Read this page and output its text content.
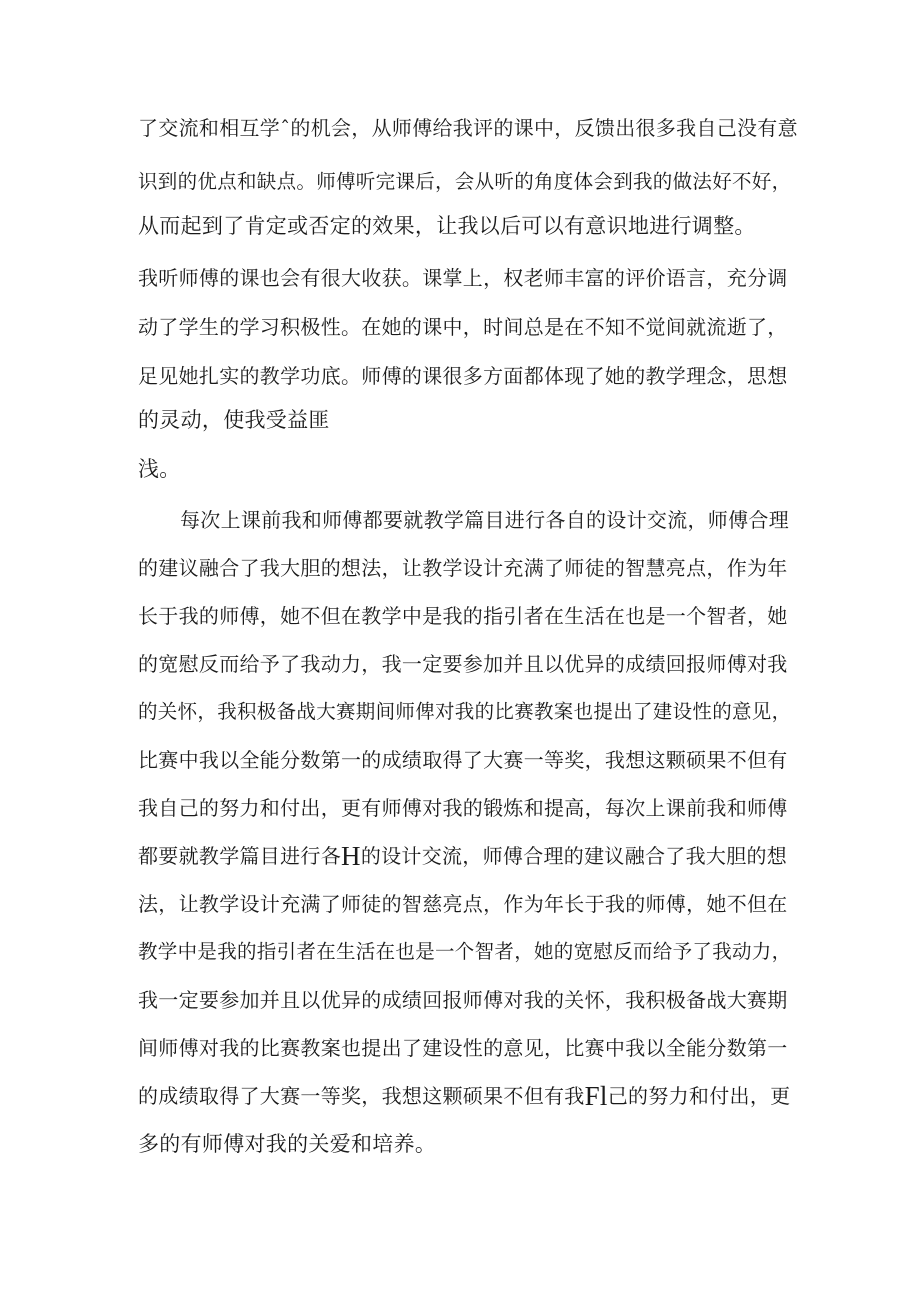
了交流和相互学ˆ的机会，从师傅给我评的课中，反馈出很多我自己没有意

识到的优点和缺点。师傅听完课后，会从听的角度体会到我的做法好不好，

从而起到了肯定或否定的效果，让我以后可以有意识地进行调整。

我听师傅的课也会有很大收获。课掌上，权老师丰富的评价语言，充分调

动了学生的学习积极性。在她的课中，时间总是在不知不觉间就流逝了，

足见她扎实的教学功底。师傅的课很多方面都体现了她的教学理念，思想

的灵动，使我受益匪

浅。

每次上课前我和师傅都要就教学篇目进行各自的设计交流，师傅合理

的建议融合了我大胆的想法，让教学设计充满了师徒的智慧亮点，作为年

长于我的师傅，她不但在教学中是我的指引者在生活在也是一个智者，她

的宽慰反而给予了我动力，我一定要参加并且以优异的成绩回报师傅对我

的关怀，我积极备战大赛期间师俾对我的比赛教案也提出了建设性的意见，

比赛中我以全能分数第一的成绩取得了大赛一等奖，我想这颗硕果不但有

我自己的努力和付出，更有师傅对我的锻炼和提高，每次上课前我和师傅

都要就教学篇目进行各H的设计交流，师傅合理的建议融合了我大胆的想

法，让教学设计充满了师徒的智慈亮点，作为年长于我的师傅，她不但在

教学中是我的指引者在生活在也是一个智者，她的宽慰反而给予了我动力，

我一定要参加并且以优异的成绩回报师傅对我的关怀，我积极备战大赛期

间师傅对我的比赛教案也提出了建设性的意见，比赛中我以全能分数第一

的成绩取得了大赛一等奖，我想这颗硕果不但有我Fl己的努力和付出，更

多的有师傅对我的关爱和培养。
